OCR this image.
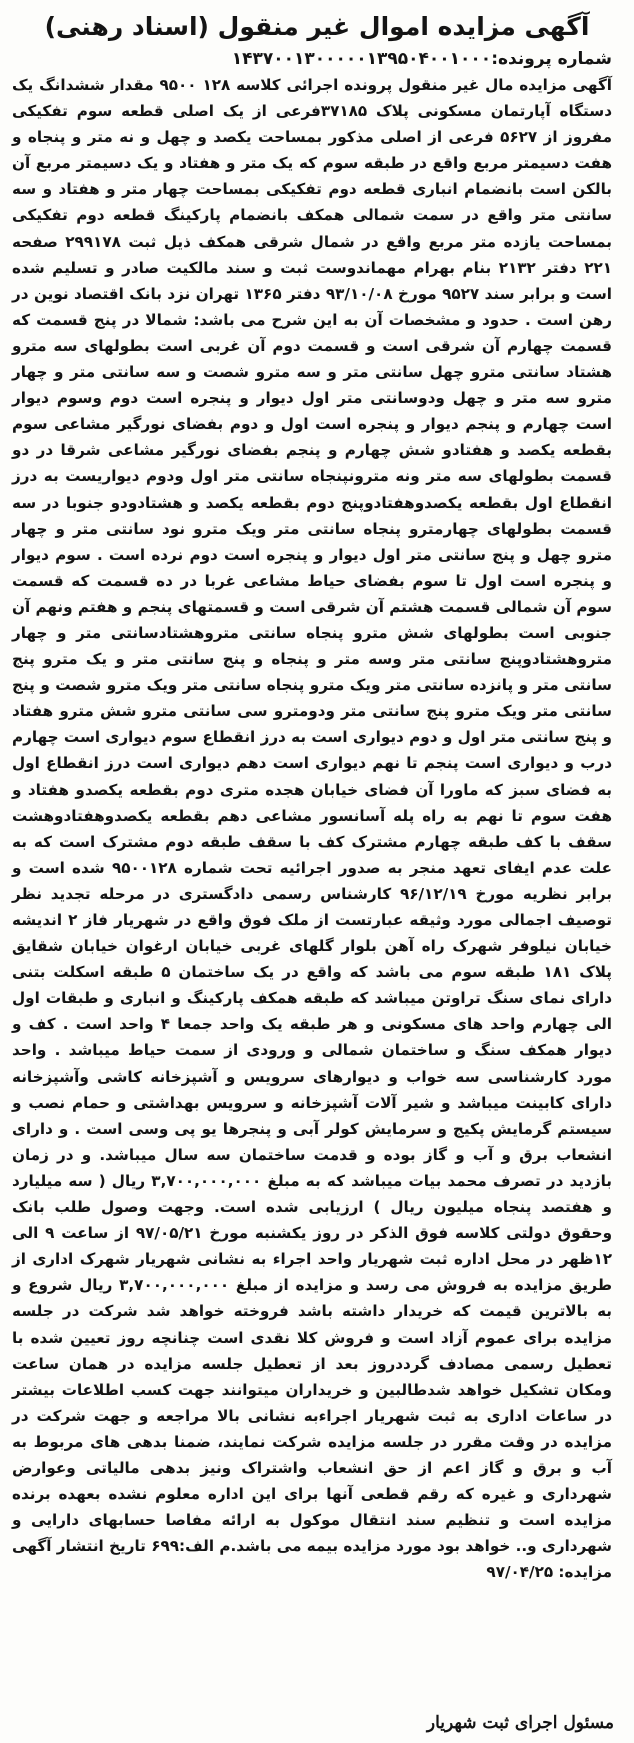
آگهی مزایده اموال غیر منقول (اسناد رهنی)
شماره پرونده:۱۴۳۷۰۰۱۳۰۰۰۰۰۱۳۹۵۰۴۰۰۱۰۰۰

آگهی مزایده مال غیر منقول پرونده اجرائی کلاسه ۱۲۸ ۹۵۰۰ مقدار ششدانگ یک دستگاه آپارتمان مسکونی پلاک ۳۷۱۸۵فرعی از یک اصلی قطعه سوم تفکیکی مفروز از ۵۶۲۷ فرعی از اصلی مذکور بمساحت یکصد و چهل و نه متر و پنجاه و هفت دسیمتر مربع واقع در طبقه سوم که یک متر و هفتاد و یک دسیمتر مربع آن بالکن است بانضمام انباری قطعه دوم تفکیکی بمساحت چهار متر و هفتاد و سه سانتی متر واقع در سمت شمالی همکف بانضمام پارکینگ قطعه دوم تفکیکی بمساحت یازده متر مربع واقع در شمال شرقی همکف ذیل ثبت ۲۹۹۱۷۸ صفحه ۲۲۱ دفتر ۲۱۳۲ بنام بهرام مهماندوست ثبت و سند مالکیت صادر و تسلیم شده است و برابر سند ۹۵۲۷ مورخ ۹۳/۱۰/۰۸ دفتر ۱۳۶۵ تهران نزد بانک اقتصاد نوین در رهن است . حدود و مشخصات آن به این شرح می باشد: شمالا در پنج قسمت که قسمت چهارم آن شرقی است و قسمت دوم آن غربی است بطولهای سه مترو هشتاد سانتی مترو چهل سانتی متر و سه مترو شصت و سه سانتی متر و چهار مترو سه متر و چهل ودوسانتی متر اول دیوار و پنجره است دوم وسوم دیوار است چهارم و پنجم دیوار و پنجره است اول و دوم بفضای نورگیر مشاعی سوم بقطعه یکصد و هفتادو شش چهارم و پنجم بفضای نورگیر مشاعی شرقا در دو قسمت بطولهای سه متر ونه مترونپنجاه سانتی متر اول ودوم دیواریست به درز انقطاع اول بقطعه یکصدوهفتادوپنج دوم بقطعه یکصد و هشتادودو جنوبا در سه قسمت بطولهای چهارمترو پنجاه سانتی متر ویک مترو نود سانتی متر و چهار مترو چهل و پنج سانتی متر اول دیوار و پنجره است دوم نرده است . سوم دیوار و پنجره است اول تا سوم بفضای حیاط مشاعی غربا در ده قسمت که قسمت سوم آن شمالی قسمت هشتم آن شرقی است و قسمتهای پنجم و هفتم ونهم آن جنوبی است بطولهای شش مترو پنجاه سانتی متروهشتادسانتی متر و چهار متروهشتادوپنج سانتی متر وسه متر و پنجاه و پنج سانتی متر و یک مترو پنج سانتی متر و پانزده سانتی متر ویک مترو پنجاه سانتی متر ویک مترو شصت و پنج سانتی متر ویک مترو پنج سانتی متر ودومترو سی سانتی مترو شش مترو هفتاد و پنج سانتی متر اول و دوم دیواری است به درز انقطاع سوم دیواری است چهارم درب و دیواری است پنجم تا نهم دیواری است دهم دیواری است درز انقطاع اول به فضای سبز که ماورا آن فضای خیابان هجده متری دوم بقطعه یکصدو هفتاد و هفت سوم تا نهم به راه پله آسانسور مشاعی دهم بقطعه یکصدوهفتادوهشت سقف با کف طبقه چهارم مشترک کف با سقف طبقه دوم مشترک است که به علت عدم ایفای تعهد منجر به صدور اجرائیه تحت شماره ۹۵۰۰۱۲۸ شده است و برابر نظریه مورخ ۹۶/۱۲/۱۹ کارشناس رسمی دادگستری در مرحله تجدید نظر توصیف اجمالی مورد وثیقه عبارتست از ملک فوق واقع در شهریار فاز ۲ اندیشه خیابان نیلوفر شهرک راه آهن بلوار گلهای غربی خیابان ارغوان خیابان شقایق پلاک ۱۸۱ طبقه سوم می باشد که واقع در یک ساختمان ۵ طبقه اسکلت بتنی دارای نمای سنگ تراوتن میباشد که طبقه همکف پارکینگ و انباری و طبقات اول الی چهارم واحد های مسکونی و هر طبقه یک واحد جمعا ۴ واحد است . کف و دیوار همکف سنگ و ساختمان شمالی و ورودی از سمت حیاط میباشد . واحد مورد کارشناسی سه خواب و دیوارهای سرویس و آشپزخانه کاشی وآشپزخانه دارای کابینت میباشد و شیر آلات آشپزخانه و سرویس بهداشتی و حمام نصب و سیستم گرمایش پکیج و سرمایش کولر آبی و پنجرها یو پی وسی است . و دارای انشعاب برق و آب و گاز بوده و قدمت ساختمان سه سال میباشد. و در زمان بازدید در تصرف محمد بیات میباشد که به مبلغ ۳,۷۰۰,۰۰۰,۰۰۰ ریال ( سه میلیارد و هفتصد پنجاه میلیون ریال ) ارزیابی شده است. وجهت وصول طلب بانک وحقوق دولتی کلاسه فوق الذکر در روز یکشنبه مورخ ۹۷/۰۵/۲۱ از ساعت ۹ الی ۱۲ظهر در محل اداره ثبت شهریار واحد اجراء به نشانی شهریار شهرک اداری از طریق مزایده به فروش می رسد و مزایده از مبلغ ۳,۷۰۰,۰۰۰,۰۰۰ ریال شروع و به بالاترین قیمت که خریدار داشته باشد فروخته خواهد شد شرکت در جلسه مزایده برای عموم آزاد است و فروش کلا نقدی است چنانچه روز تعیین شده با تعطیل رسمی مصادف گرددروز بعد از تعطیل جلسه مزایده در همان ساعت ومکان تشکیل خواهد شدطالبین و خریداران میتوانند جهت کسب اطلاعات بیشتر در ساعات اداری به ثبت شهریار اجراءبه نشانی بالا مراجعه و جهت شرکت در مزایده در وقت مقرر در جلسه مزایده شرکت نمایند، ضمنا بدهی های مربوط به آب و برق و گاز اعم از حق انشعاب واشتراک ونیز بدهی مالیاتی وعوارض شهرداری و غیره که رقم قطعی آنها برای این اداره معلوم نشده بعهده برنده مزایده است و تنظیم سند انتقال موکول به ارائه مفاصا حسابهای دارایی و شهرداری و.. خواهد بود مورد مزایده بیمه می باشد.م الف:۶۹۹ تاریخ انتشار آگهی مزایده: ۹۷/۰۴/۲۵

مسئول اجرای ثبت شهریار
